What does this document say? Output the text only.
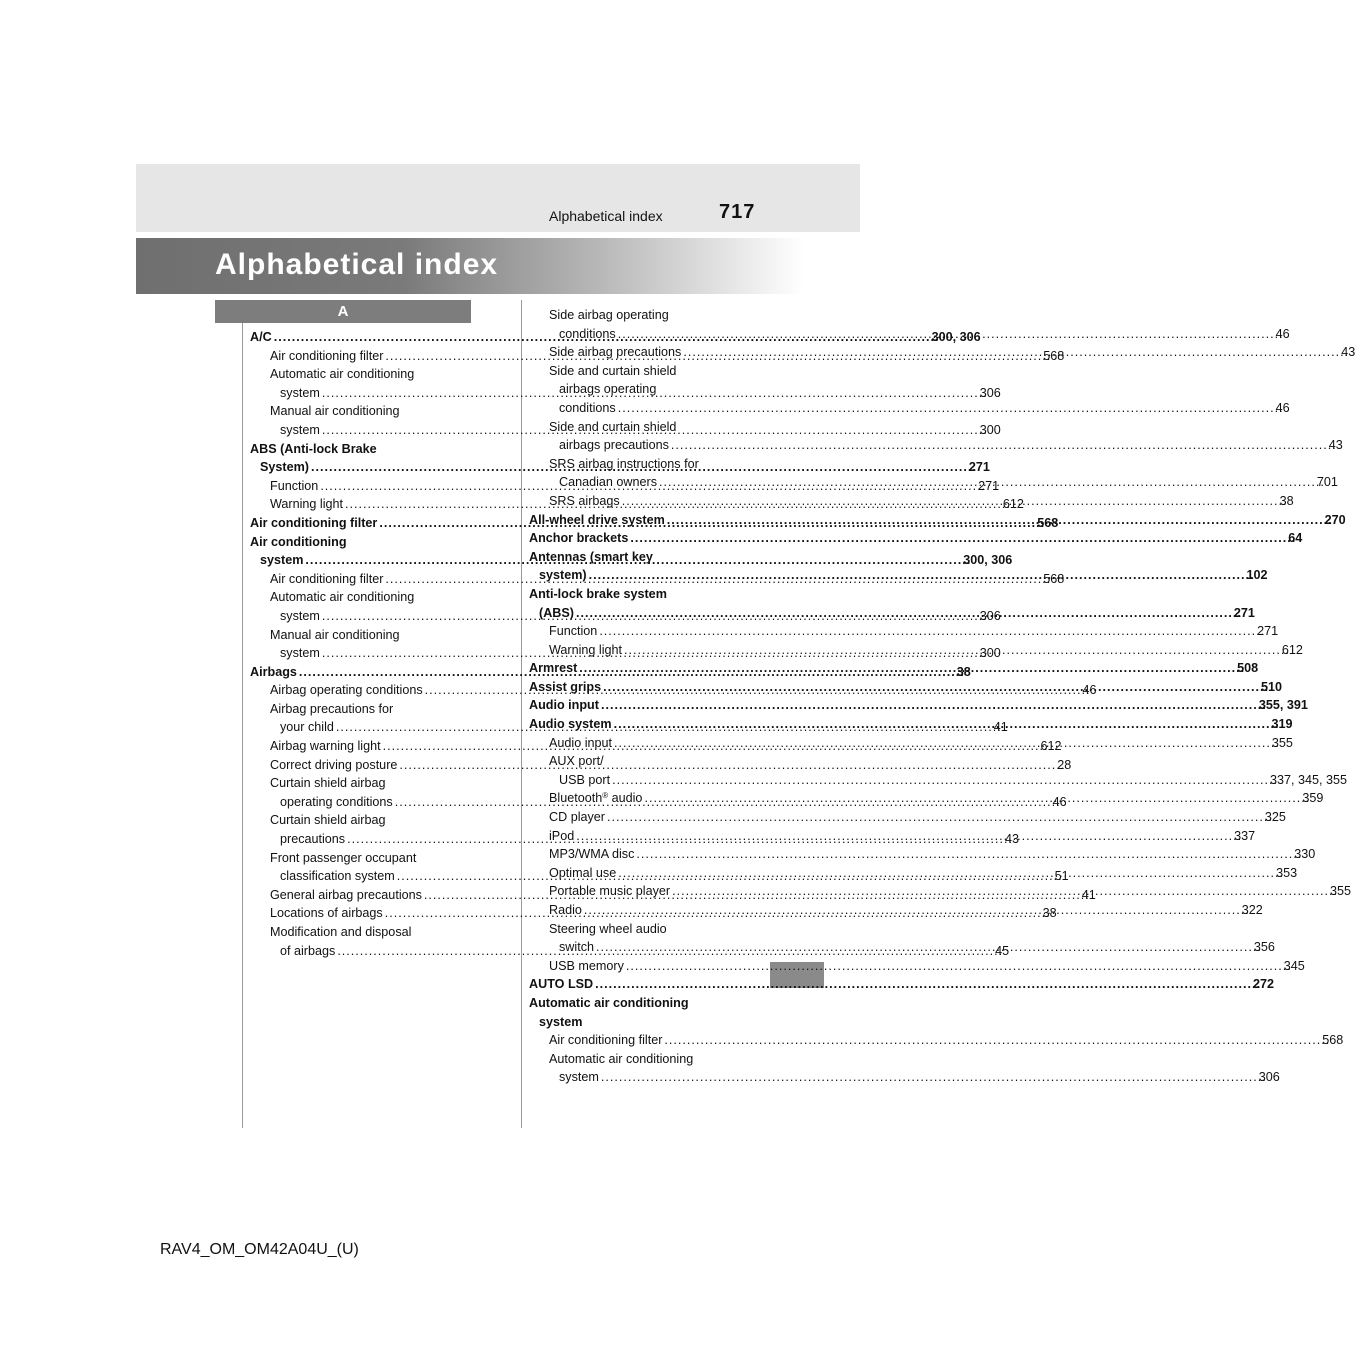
Alphabetical index	717
Alphabetical index
A
A/C .....	300, 306
Air conditioning filter .....	568
Automatic air conditioning
system .....	306
Manual air conditioning
system .....	300
ABS (Anti-lock Brake
System) .....	271
Function .....	271
Warning light .....	612
Air conditioning filter .....	568
Air conditioning
system .....	300, 306
Air conditioning filter .....	568
Automatic air conditioning
system .....	306
Manual air conditioning
system .....	300
Airbags .....	38
Airbag operating conditions .....	46
Airbag precautions for
your child .....	41
Airbag warning light .....	612
Correct driving posture .....	28
Curtain shield airbag
operating conditions .....	46
Curtain shield airbag
precautions .....	43
Front passenger occupant
classification system .....	51
General airbag precautions .....	41
Locations of airbags .....	38
Modification and disposal
of airbags .....	45
Side airbag operating
conditions .....	46
Side airbag precautions .....	43
Side and curtain shield
airbags operating
conditions .....	46
Side and curtain shield
airbags precautions .....	43
SRS airbag instructions for
Canadian owners .....	701
SRS airbags .....	38
All-wheel drive system .....	270
Anchor brackets .....	64
Antennas (smart key
system) .....	102
Anti-lock brake system
(ABS) .....	271
Function .....	271
Warning light .....	612
Armrest .....	508
Assist grips .....	510
Audio input .....	355, 391
Audio system .....	319
Audio input .....	355
AUX port/
USB port .....	337, 345, 355
Bluetooth® audio .....	359
CD player .....	325
iPod .....	337
MP3/WMA disc .....	330
Optimal use .....	353
Portable music player .....	355
Radio .....	322
Steering wheel audio
switch .....	356
USB memory .....	345
AUTO LSD .....	272
Automatic air conditioning
system
Air conditioning filter .....	568
Automatic air conditioning
system .....	306
RAV4_OM_OM42A04U_(U)
